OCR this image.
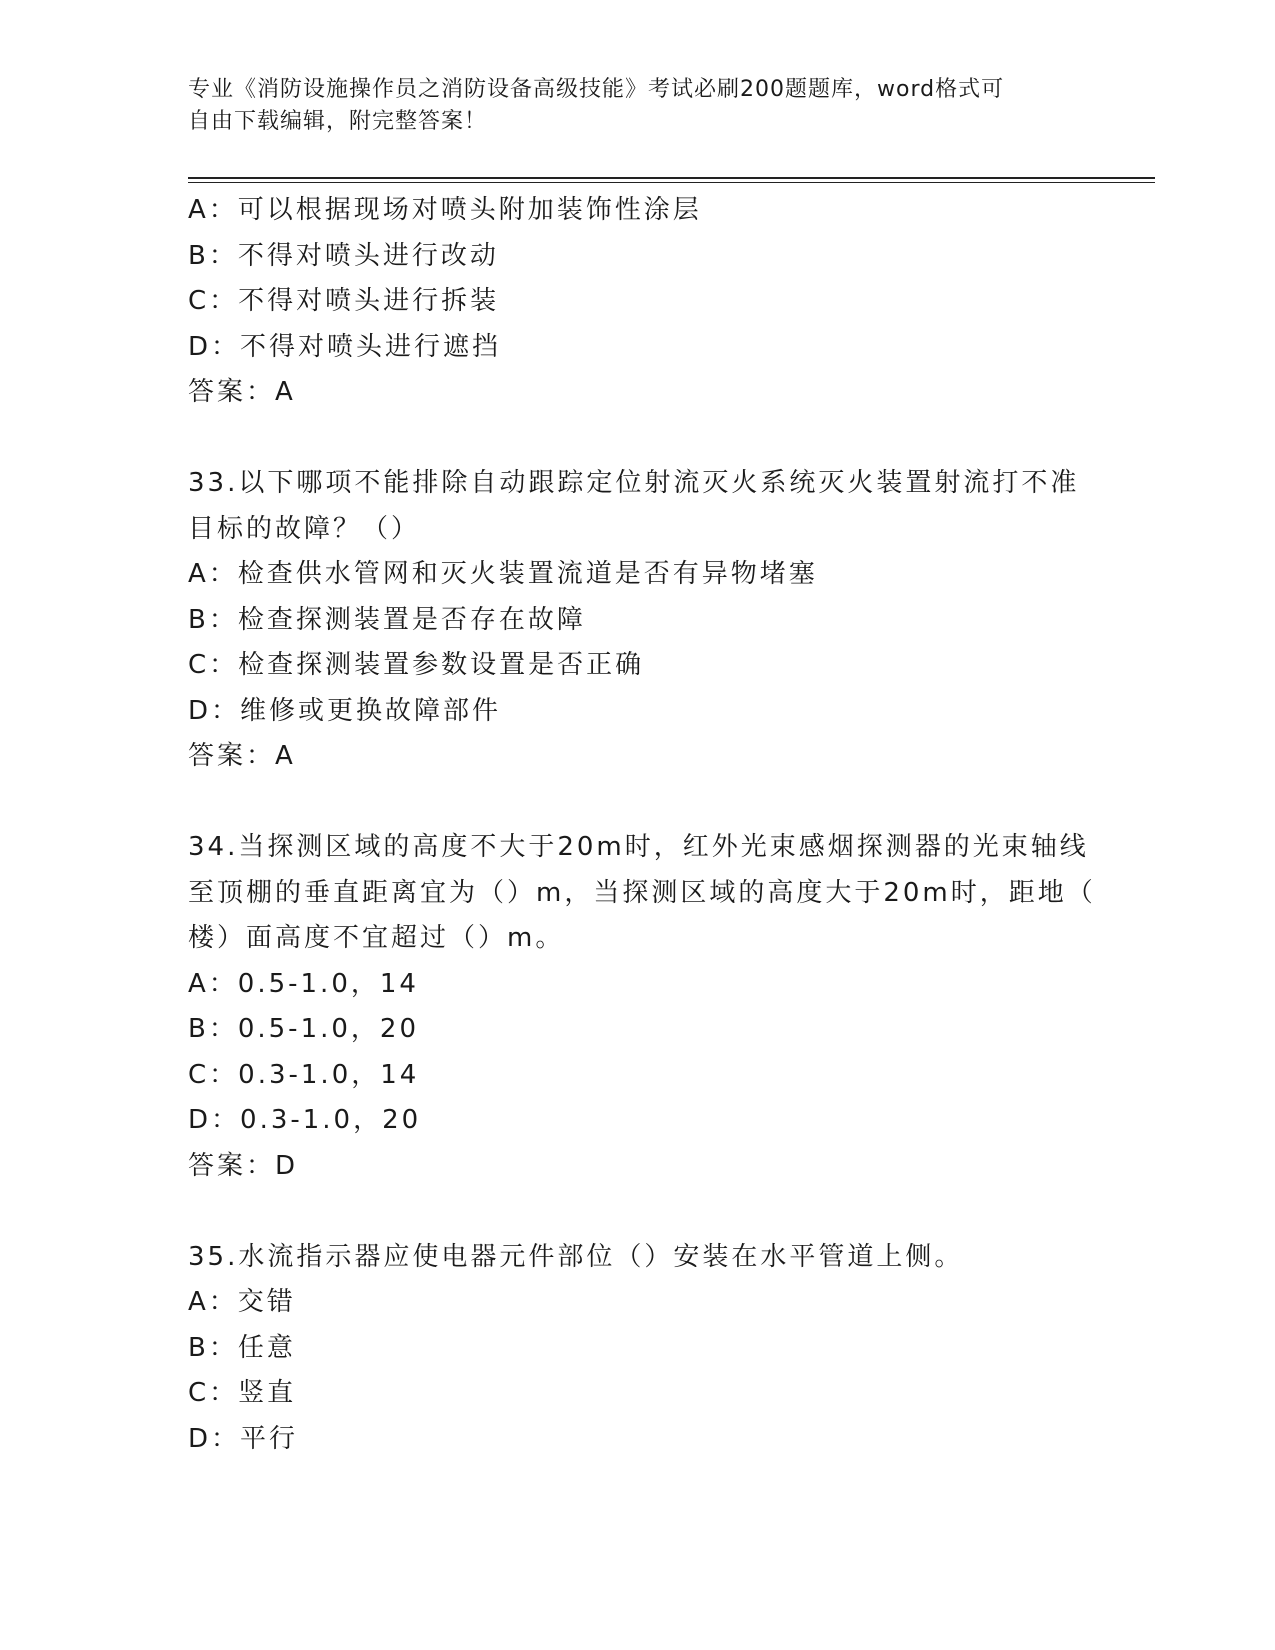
专业《消防设施操作员之消防设备高级技能》考试必刷200题题库，word格式可
自由下载编辑，附完整答案！
A：可以根据现场对喷头附加装饰性涂层
B：不得对喷头进行改动
C：不得对喷头进行拆装
D：不得对喷头进行遮挡
答案：A
33.以下哪项不能排除自动跟踪定位射流灭火系统灭火装置射流打不准
目标的故障？（）
A：检查供水管网和灭火装置流道是否有异物堵塞
B：检查探测装置是否存在故障
C：检查探测装置参数设置是否正确
D：维修或更换故障部件
答案：A
34.当探测区域的高度不大于20m时，红外光束感烟探测器的光束轴线
至顶棚的垂直距离宜为（）m，当探测区域的高度大于20m时，距地（
楼）面高度不宜超过（）m。
A：0.5-1.0，14
B：0.5-1.0，20
C：0.3-1.0，14
D：0.3-1.0，20
答案：D
35.水流指示器应使电器元件部位（）安装在水平管道上侧。
A：交错
B：任意
C：竖直
D：平行
